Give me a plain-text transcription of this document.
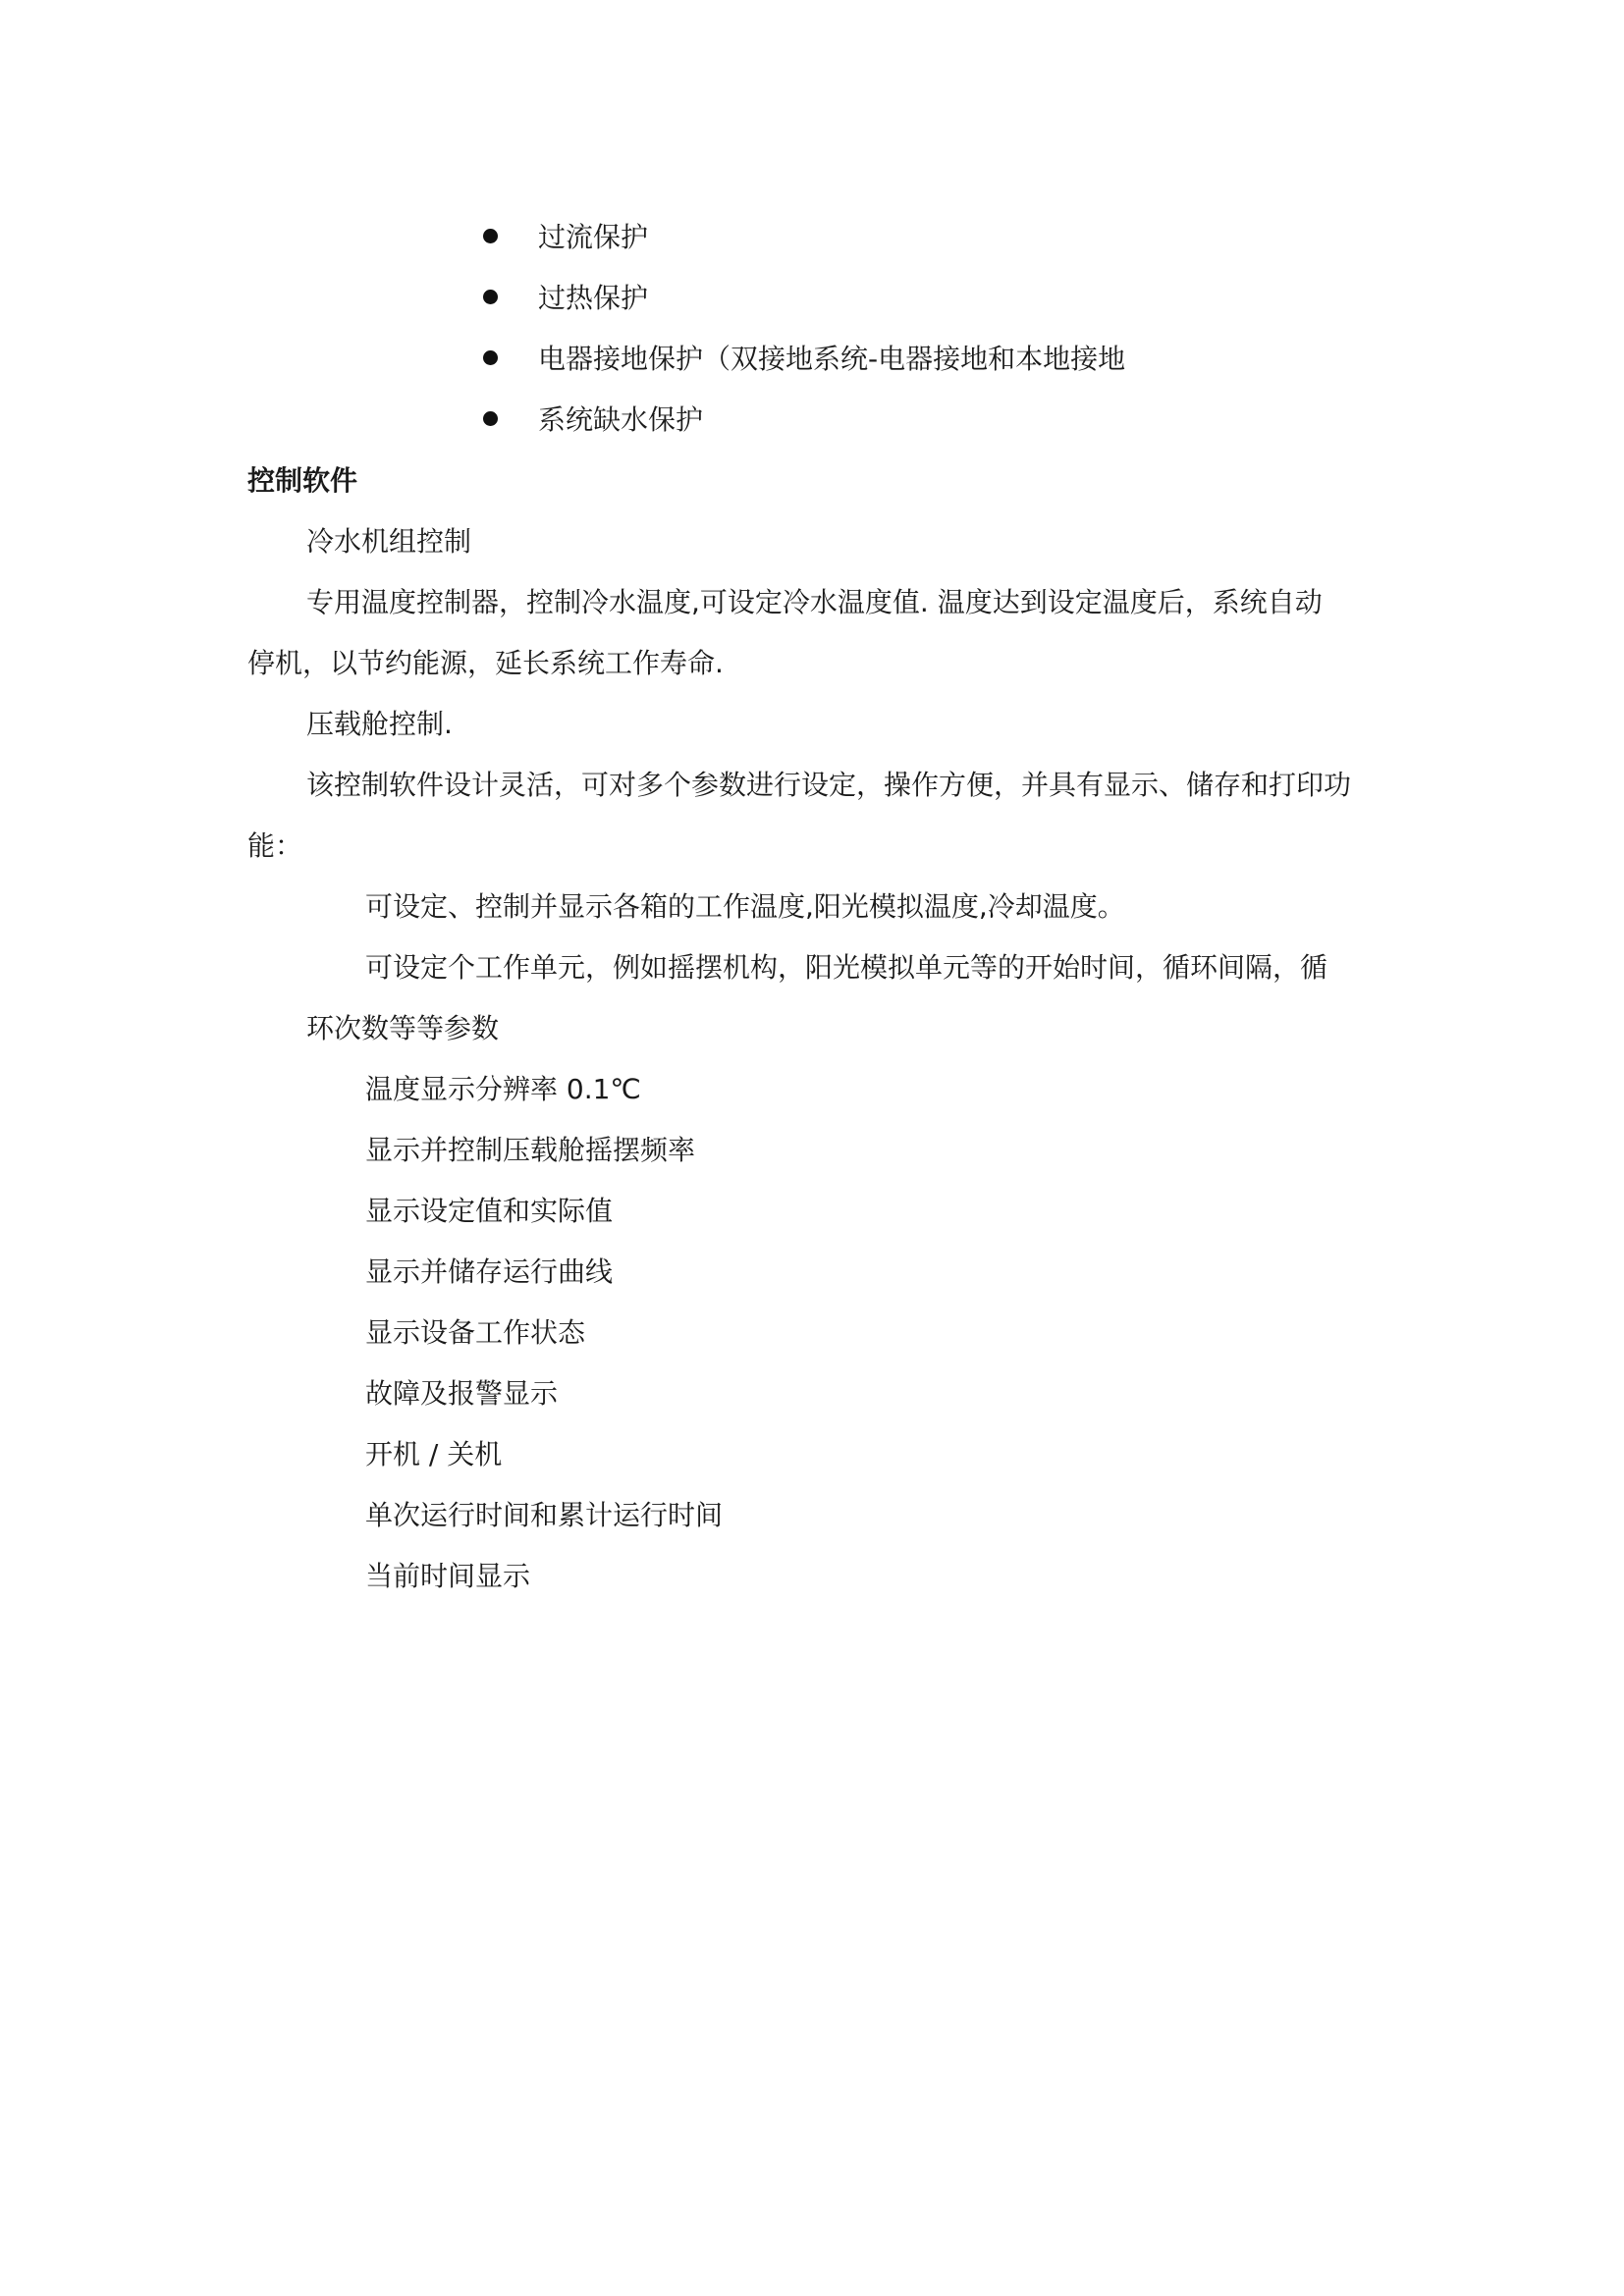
过流保护
过热保护
电器接地保护（双接地系统-电器接地和本地接地
系统缺水保护
控制软件
冷水机组控制
专用温度控制器，控制冷水温度,可设定冷水温度值. 温度达到设定温度后，系统自动
停机，以节约能源，延长系统工作寿命.
压载舱控制.
该控制软件设计灵活，可对多个参数进行设定，操作方便，并具有显示、储存和打印功
能：
可设定、控制并显示各箱的工作温度,阳光模拟温度,冷却温度。
可设定个工作单元，例如摇摆机构，阳光模拟单元等的开始时间，循环间隔，循
环次数等等参数
温度显示分辨率 0.1℃
显示并控制压载舱摇摆频率
显示设定值和实际值
显示并储存运行曲线
显示设备工作状态
故障及报警显示
开机 / 关机
单次运行时间和累计运行时间
当前时间显示
